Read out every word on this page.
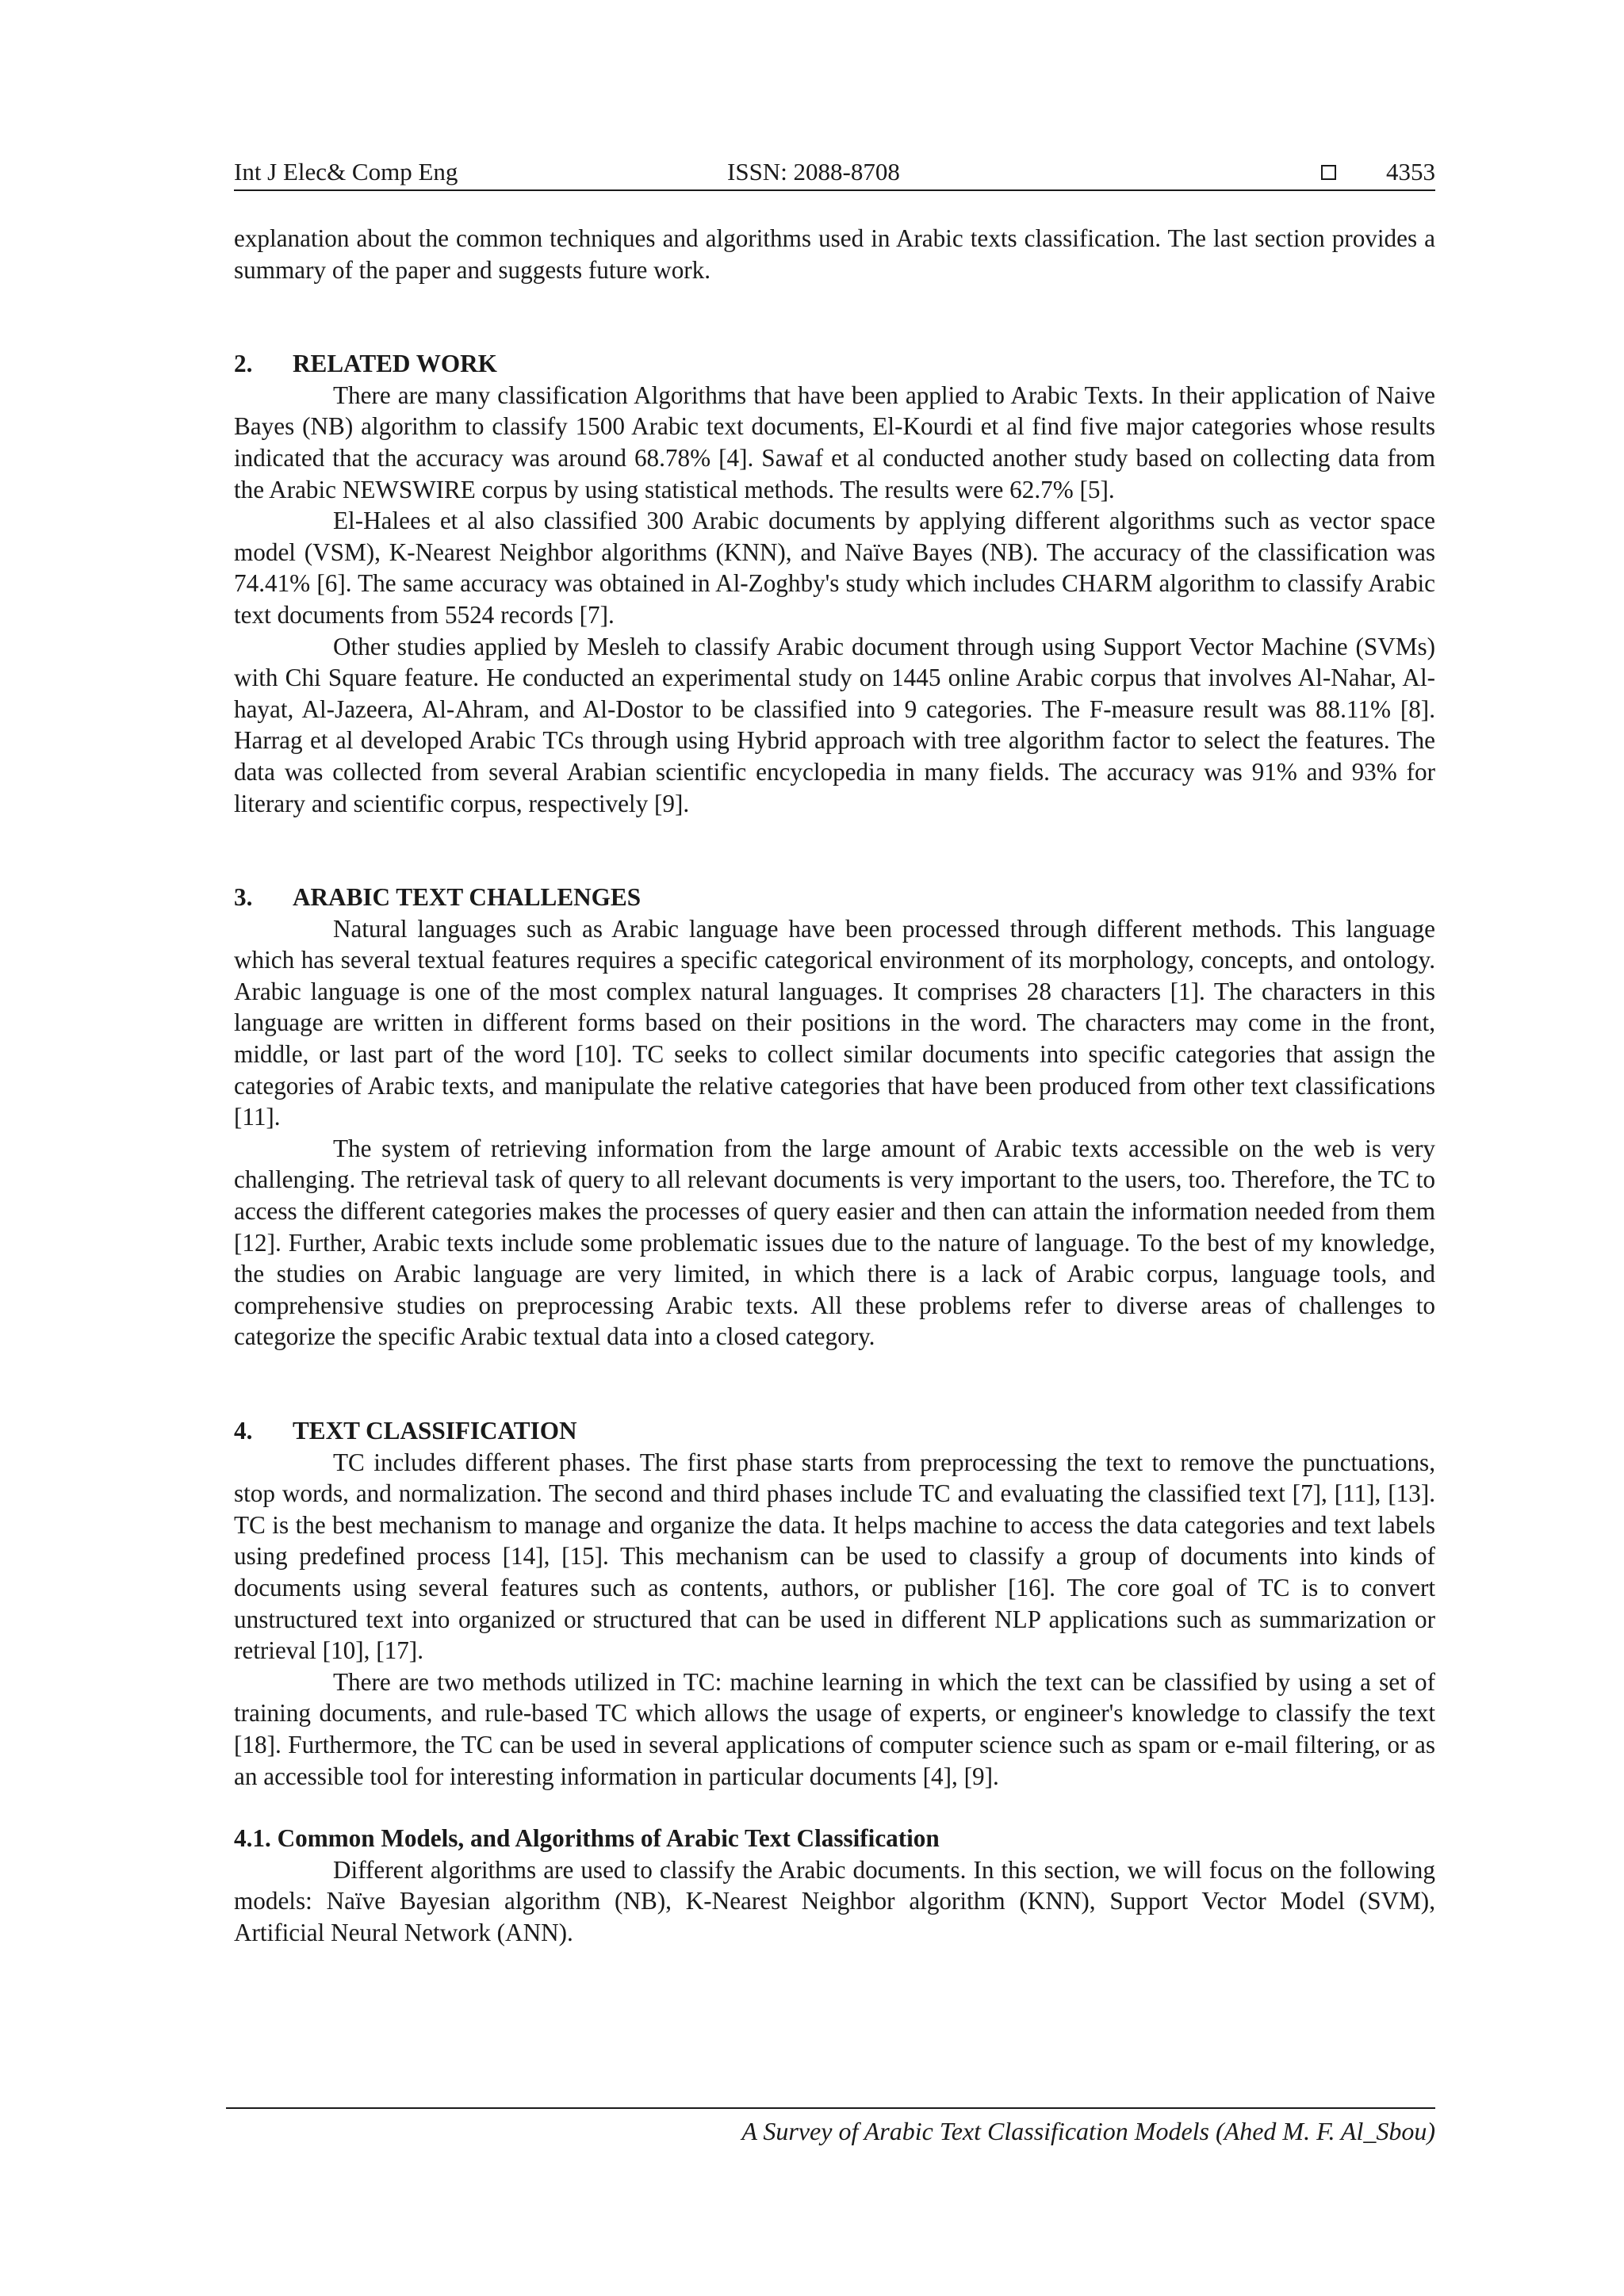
Int J Elec& Comp Eng	ISSN: 2088-8708	4353

explanation about the common techniques and algorithms used in Arabic texts classification. The last section provides a summary of the paper and suggests future work.

2. RELATED WORK

There are many classification Algorithms that have been applied to Arabic Texts. In their application of Naive Bayes (NB) algorithm to classify 1500 Arabic text documents, El-Kourdi et al find five major categories whose results indicated that the accuracy was around 68.78% [4]. Sawaf et al conducted another study based on collecting data from the Arabic NEWSWIRE corpus by using statistical methods. The results were 62.7% [5].

El-Halees et al also classified 300 Arabic documents by applying different algorithms such as vector space model (VSM), K-Nearest Neighbor algorithms (KNN), and Naïve Bayes (NB). The accuracy of the classification was 74.41% [6]. The same accuracy was obtained in Al-Zoghby's study which includes CHARM algorithm to classify Arabic text documents from 5524 records [7].

Other studies applied by Mesleh to classify Arabic document through using Support Vector Machine (SVMs) with Chi Square feature. He conducted an experimental study on 1445 online Arabic corpus that involves Al-Nahar, Al-hayat, Al-Jazeera, Al-Ahram, and Al-Dostor to be classified into 9 categories. The F-measure result was 88.11% [8]. Harrag et al developed Arabic TCs through using Hybrid approach with tree algorithm factor to select the features. The data was collected from several Arabian scientific encyclopedia in many fields. The accuracy was 91% and 93% for literary and scientific corpus, respectively [9].

3. ARABIC TEXT CHALLENGES

Natural languages such as Arabic language have been processed through different methods. This language which has several textual features requires a specific categorical environment of its morphology, concepts, and ontology. Arabic language is one of the most complex natural languages. It comprises 28 characters [1]. The characters in this language are written in different forms based on their positions in the word. The characters may come in the front, middle, or last part of the word [10]. TC seeks to collect similar documents into specific categories that assign the categories of Arabic texts, and manipulate the relative categories that have been produced from other text classifications [11].

The system of retrieving information from the large amount of Arabic texts accessible on the web is very challenging. The retrieval task of query to all relevant documents is very important to the users, too. Therefore, the TC to access the different categories makes the processes of query easier and then can attain the information needed from them [12]. Further, Arabic texts include some problematic issues due to the nature of language. To the best of my knowledge, the studies on Arabic language are very limited, in which there is a lack of Arabic corpus, language tools, and comprehensive studies on preprocessing Arabic texts. All these problems refer to diverse areas of challenges to categorize the specific Arabic textual data into a closed category.

4. TEXT CLASSIFICATION

TC includes different phases. The first phase starts from preprocessing the text to remove the punctuations, stop words, and normalization. The second and third phases include TC and evaluating the classified text [7], [11], [13]. TC is the best mechanism to manage and organize the data. It helps machine to access the data categories and text labels using predefined process [14], [15]. This mechanism can be used to classify a group of documents into kinds of documents using several features such as contents, authors, or publisher [16]. The core goal of TC is to convert unstructured text into organized or structured that can be used in different NLP applications such as summarization or retrieval [10], [17].

There are two methods utilized in TC: machine learning in which the text can be classified by using a set of training documents, and rule-based TC which allows the usage of experts, or engineer's knowledge to classify the text [18]. Furthermore, the TC can be used in several applications of computer science such as spam or e-mail filtering, or as an accessible tool for interesting information in particular documents [4], [9].

4.1. Common Models, and Algorithms of Arabic Text Classification

Different algorithms are used to classify the Arabic documents. In this section, we will focus on the following models: Naïve Bayesian algorithm (NB), K-Nearest Neighbor algorithm (KNN), Support Vector Model (SVM), Artificial Neural Network (ANN).

A Survey of Arabic Text Classification Models (Ahed M. F. Al_Sbou)
